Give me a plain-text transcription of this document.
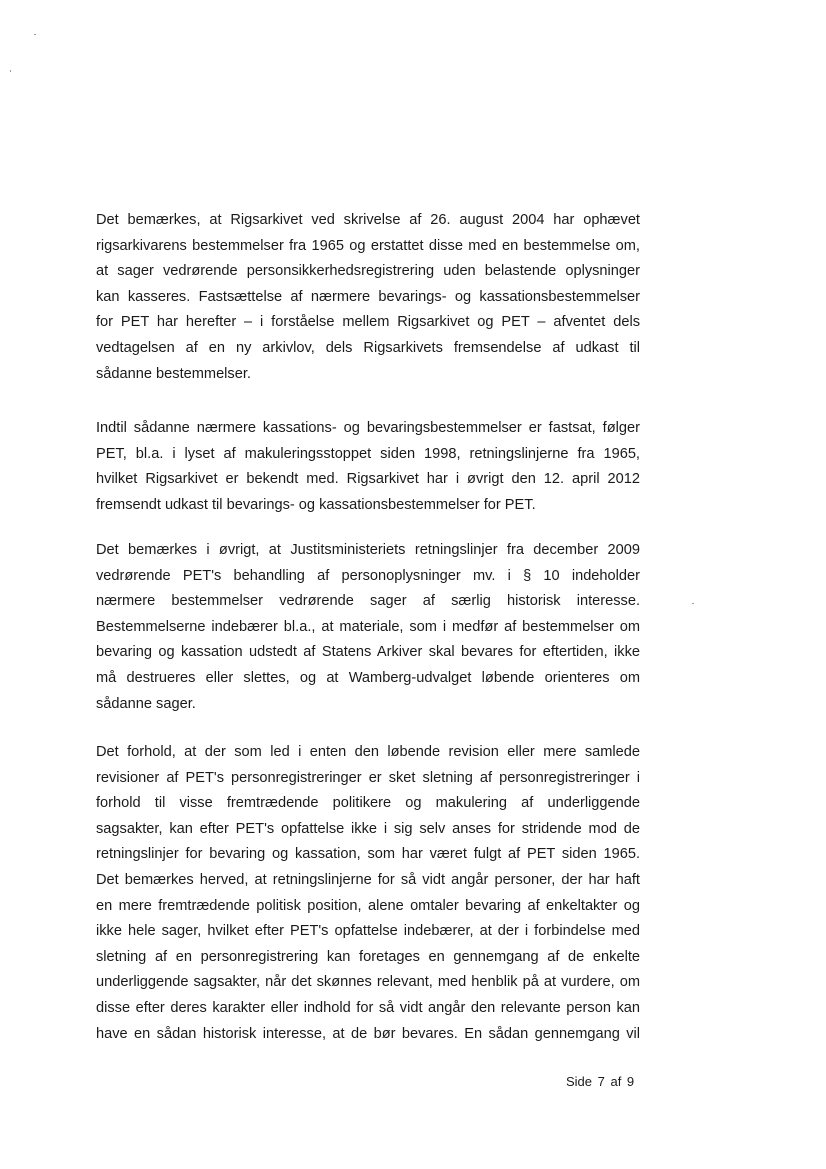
Det bemærkes, at Rigsarkivet ved skrivelse af 26. august 2004 har ophævet
rigsarkivarens bestemmelser fra 1965 og erstattet disse med en bestemmelse om,
at sager vedrørende personsikkerhedsregistrering uden belastende oplysninger
kan kasseres. Fastsættelse af nærmere bevarings- og kassationsbestemmelser
for PET har herefter – i forståelse mellem Rigsarkivet og PET – afventet dels
vedtagelsen af en ny arkivlov, dels Rigsarkivets fremsendelse af udkast til
sådanne bestemmelser.
Indtil sådanne nærmere kassations- og bevaringsbestemmelser er fastsat, følger
PET, bl.a. i lyset af makuleringsstoppet siden 1998, retningslinjerne fra 1965,
hvilket Rigsarkivet er bekendt med. Rigsarkivet har i øvrigt den 12. april 2012
fremsendt udkast til bevarings- og kassationsbestemmelser for PET.
Det bemærkes i øvrigt, at Justitsministeriets retningslinjer fra december 2009
vedrørende PET's behandling af personoplysninger mv. i § 10 indeholder
nærmere bestemmelser vedrørende sager af særlig historisk interesse.
Bestemmelserne indebærer bl.a., at materiale, som i medfør af bestemmelser om
bevaring og kassation udstedt af Statens Arkiver skal bevares for eftertiden, ikke
må destrueres eller slettes, og at Wamberg-udvalget løbende orienteres om
sådanne sager.
Det forhold, at der som led i enten den løbende revision eller mere samlede
revisioner af PET's personregistreringer er sket sletning af personregistreringer i
forhold til visse fremtrædende politikere og makulering af underliggende
sagsakter, kan efter PET's opfattelse ikke i sig selv anses for stridende mod de
retningslinjer for bevaring og kassation, som har været fulgt af PET siden 1965.
Det bemærkes herved, at retningslinjerne for så vidt angår personer, der har haft
en mere fremtrædende politisk position, alene omtaler bevaring af enkeltakter og
ikke hele sager, hvilket efter PET's opfattelse indebærer, at der i forbindelse med
sletning af en personregistrering kan foretages en gennemgang af de enkelte
underliggende sagsakter, når det skønnes relevant, med henblik på at vurdere, om
disse efter deres karakter eller indhold for så vidt angår den relevante person kan
have en sådan historisk interesse, at de bør bevares. En sådan gennemgang vil
Side 7 af 9
